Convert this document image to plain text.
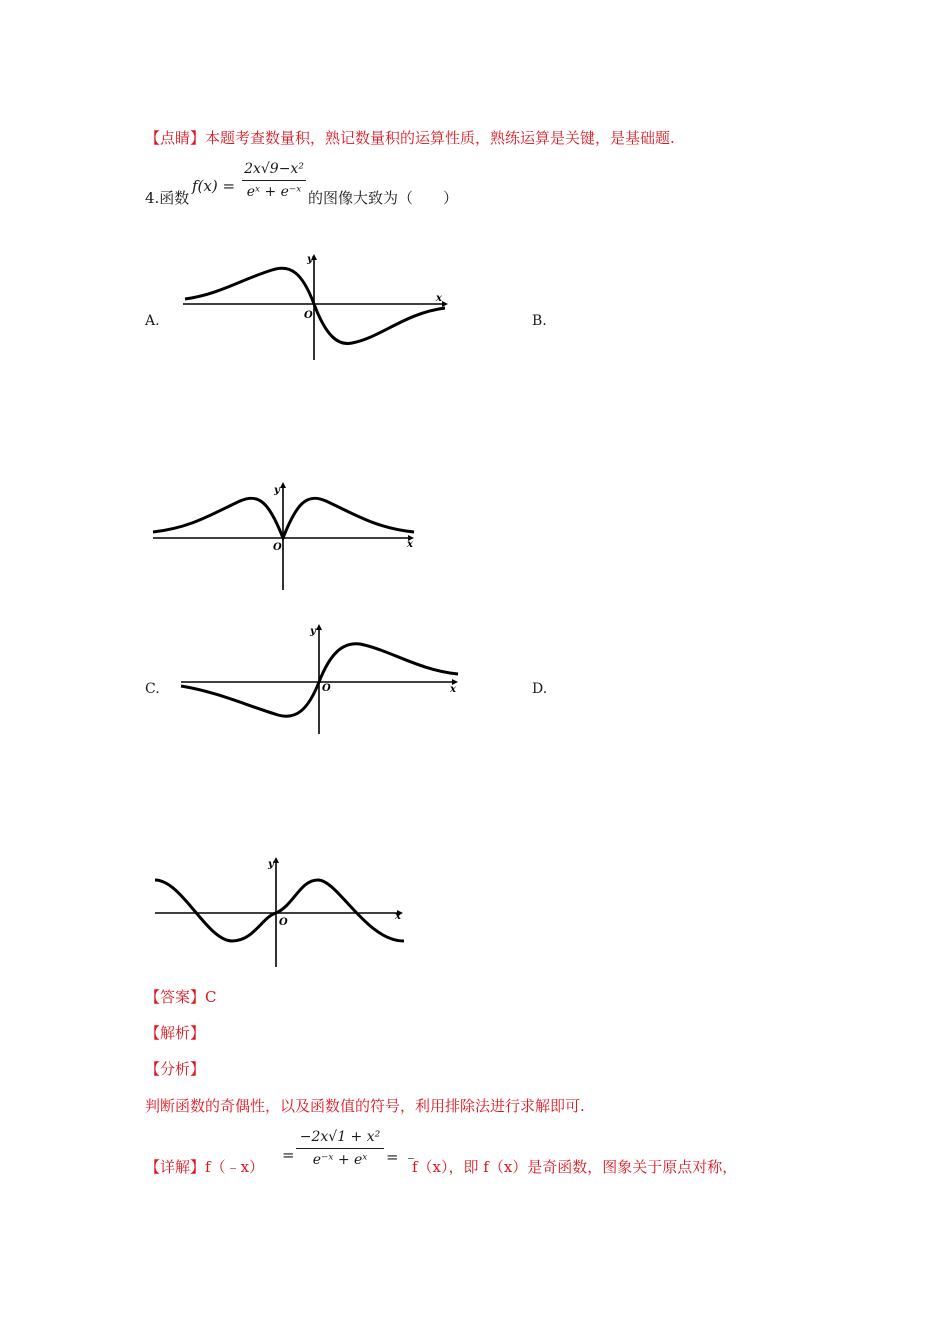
【点睛】本题考查数量积，熟记数量积的运算性质，熟练运算是关键，是基础题.
4.函数
f(x) =
2x√9−x²
eˣ + e⁻ˣ 的图像大致为（　　）
A.	B.
C.	D.
x
y
O
x
y
O
x
y
O
x
y
O
【答案】C
【解析】
【分析】
判断函数的奇偶性，以及函数值的符号，利用排除法进行求解即可.
【详解】f（﹣x）
=
−2x√1 + x²
e⁻ˣ + eˣ	= ﹣
f（x），即 f（x）是奇函数，图象关于原点对称，
